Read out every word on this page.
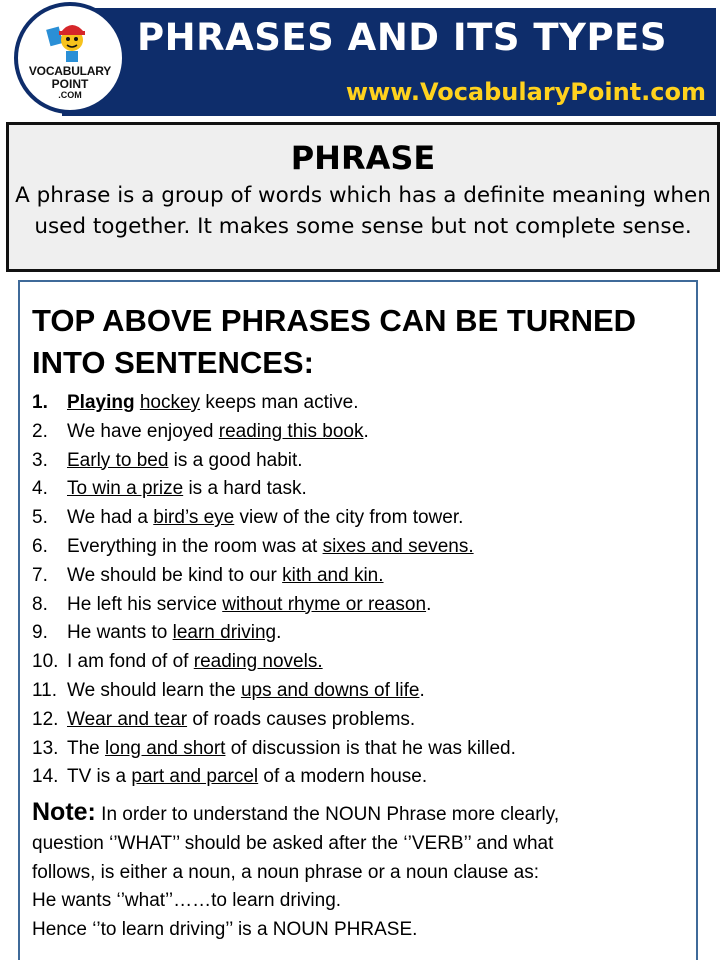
PHRASES AND ITS TYPES
www.VocabularyPoint.com
VOCABULARY
POINT
.COM
PHRASE
A phrase is a group of words which has a definite meaning when used together. It makes some sense but not complete sense.
TOP ABOVE PHRASES CAN BE TURNED INTO SENTENCES:
1. Playing hockey keeps man active.
2. We have enjoyed reading this book.
3. Early to bed is a good habit.
4. To win a prize is a hard task.
5. We had a bird’s eye view of the city from tower.
6. Everything in the room was at sixes and sevens.
7. We should be kind to our kith and kin.
8. He left his service without rhyme or reason.
9. He wants to learn driving.
10. I am fond of of reading novels.
11. We should learn the ups and downs of life.
12. Wear and tear of roads causes problems.
13. The long and short of discussion is that he was killed.
14. TV is a part and parcel of a modern house.
Note: In order to understand the NOUN Phrase more clearly,
question ‘’WHAT’’ should be asked after the ‘’VERB’’ and what
follows, is either a noun, a noun phrase or a noun clause as:
He wants ‘’what’’……to learn driving.
Hence ‘’to learn driving’’ is a NOUN PHRASE.
